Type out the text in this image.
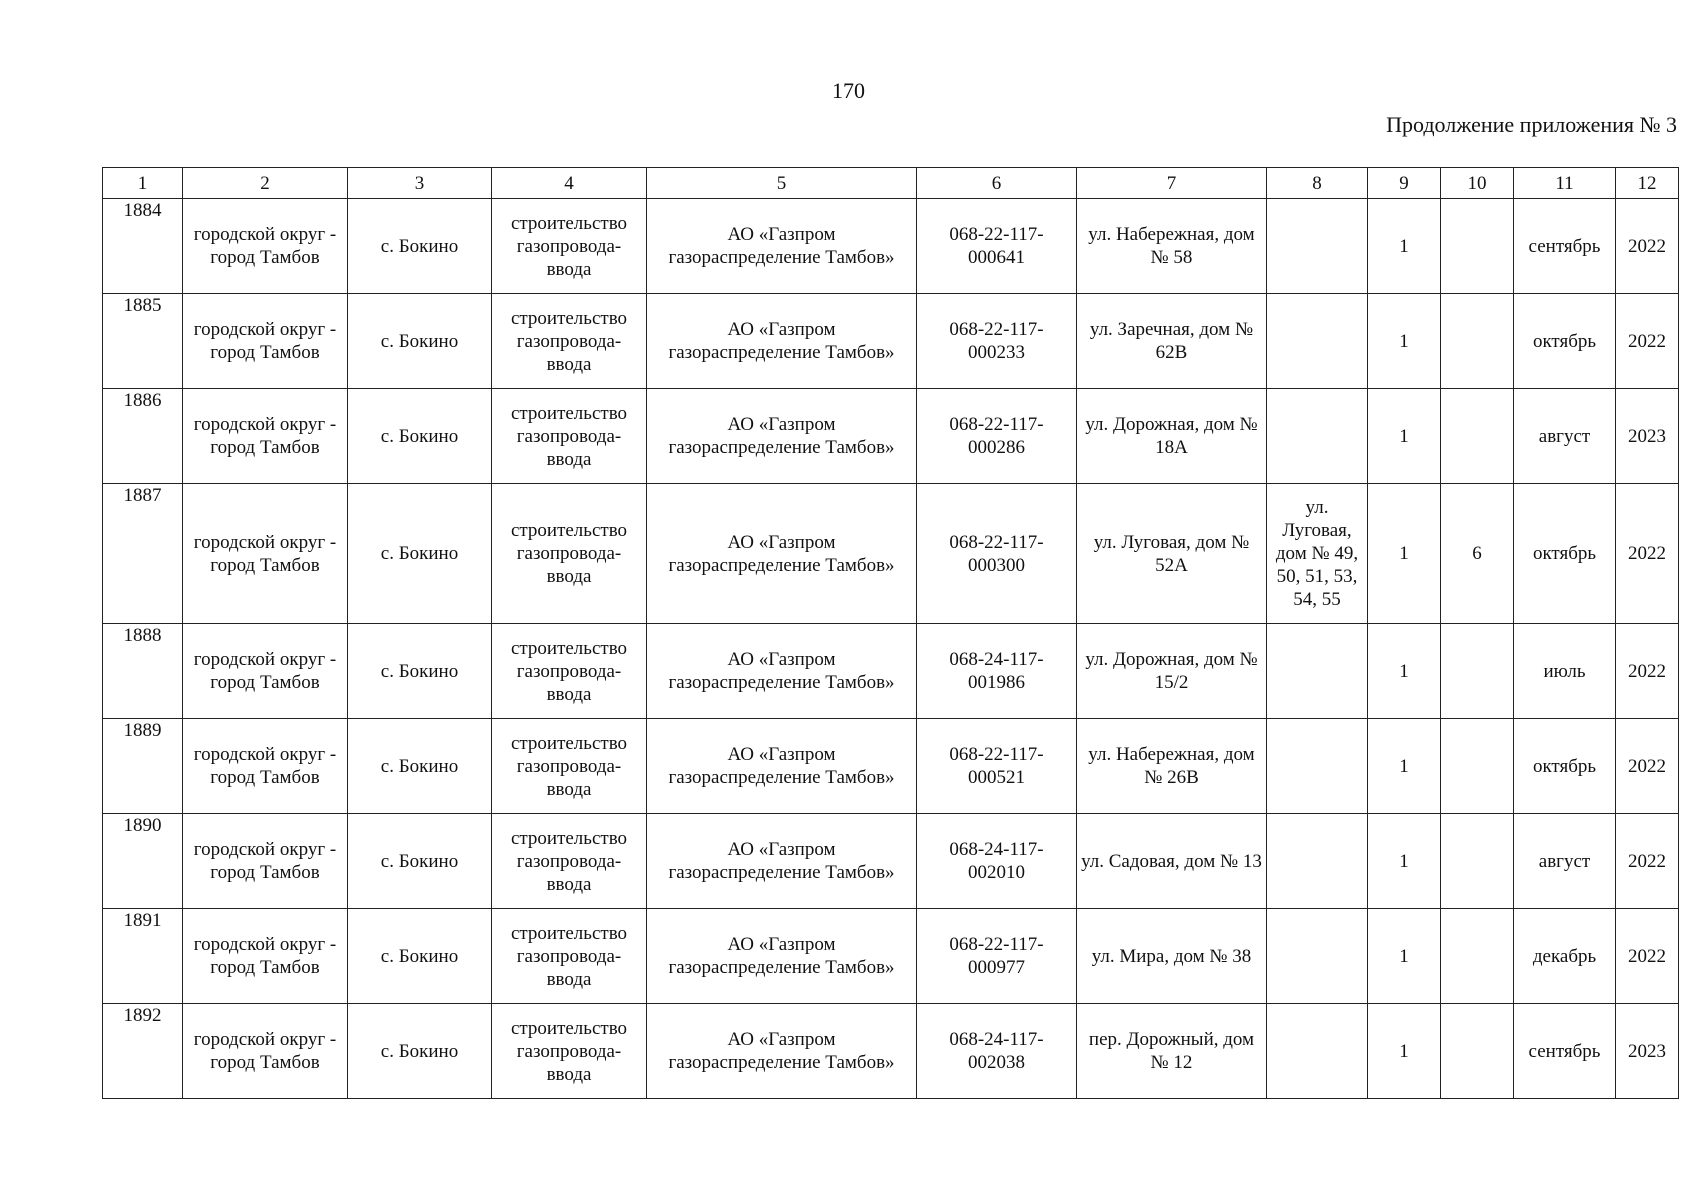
170
Продолжение приложения № 3
1	2	3	4	5	6	7	8	9	10	11	12
1884	городской округ - город Тамбов	с. Бокино	строительство газопровода-ввода	АО «Газпром газораспределение Тамбов»	068-22-117-000641	ул. Набережная, дом № 58		1		сентябрь	2022
1885	городской округ - город Тамбов	с. Бокино	строительство газопровода-ввода	АО «Газпром газораспределение Тамбов»	068-22-117-000233	ул. Заречная, дом № 62В		1		октябрь	2022
1886	городской округ - город Тамбов	с. Бокино	строительство газопровода-ввода	АО «Газпром газораспределение Тамбов»	068-22-117-000286	ул. Дорожная, дом № 18А		1		август	2023
1887	городской округ - город Тамбов	с. Бокино	строительство газопровода-ввода	АО «Газпром газораспределение Тамбов»	068-22-117-000300	ул. Луговая, дом № 52А	ул. Луговая, дом № 49, 50, 51, 53, 54, 55	1	6	октябрь	2022
1888	городской округ - город Тамбов	с. Бокино	строительство газопровода-ввода	АО «Газпром газораспределение Тамбов»	068-24-117-001986	ул. Дорожная, дом № 15/2		1		июль	2022
1889	городской округ - город Тамбов	с. Бокино	строительство газопровода-ввода	АО «Газпром газораспределение Тамбов»	068-22-117-000521	ул. Набережная, дом № 26В		1		октябрь	2022
1890	городской округ - город Тамбов	с. Бокино	строительство газопровода-ввода	АО «Газпром газораспределение Тамбов»	068-24-117-002010	ул. Садовая, дом № 13		1		август	2022
1891	городской округ - город Тамбов	с. Бокино	строительство газопровода-ввода	АО «Газпром газораспределение Тамбов»	068-22-117-000977	ул. Мира, дом № 38		1		декабрь	2022
1892	городской округ - город Тамбов	с. Бокино	строительство газопровода-ввода	АО «Газпром газораспределение Тамбов»	068-24-117-002038	пер. Дорожный, дом № 12		1		сентябрь	2023
